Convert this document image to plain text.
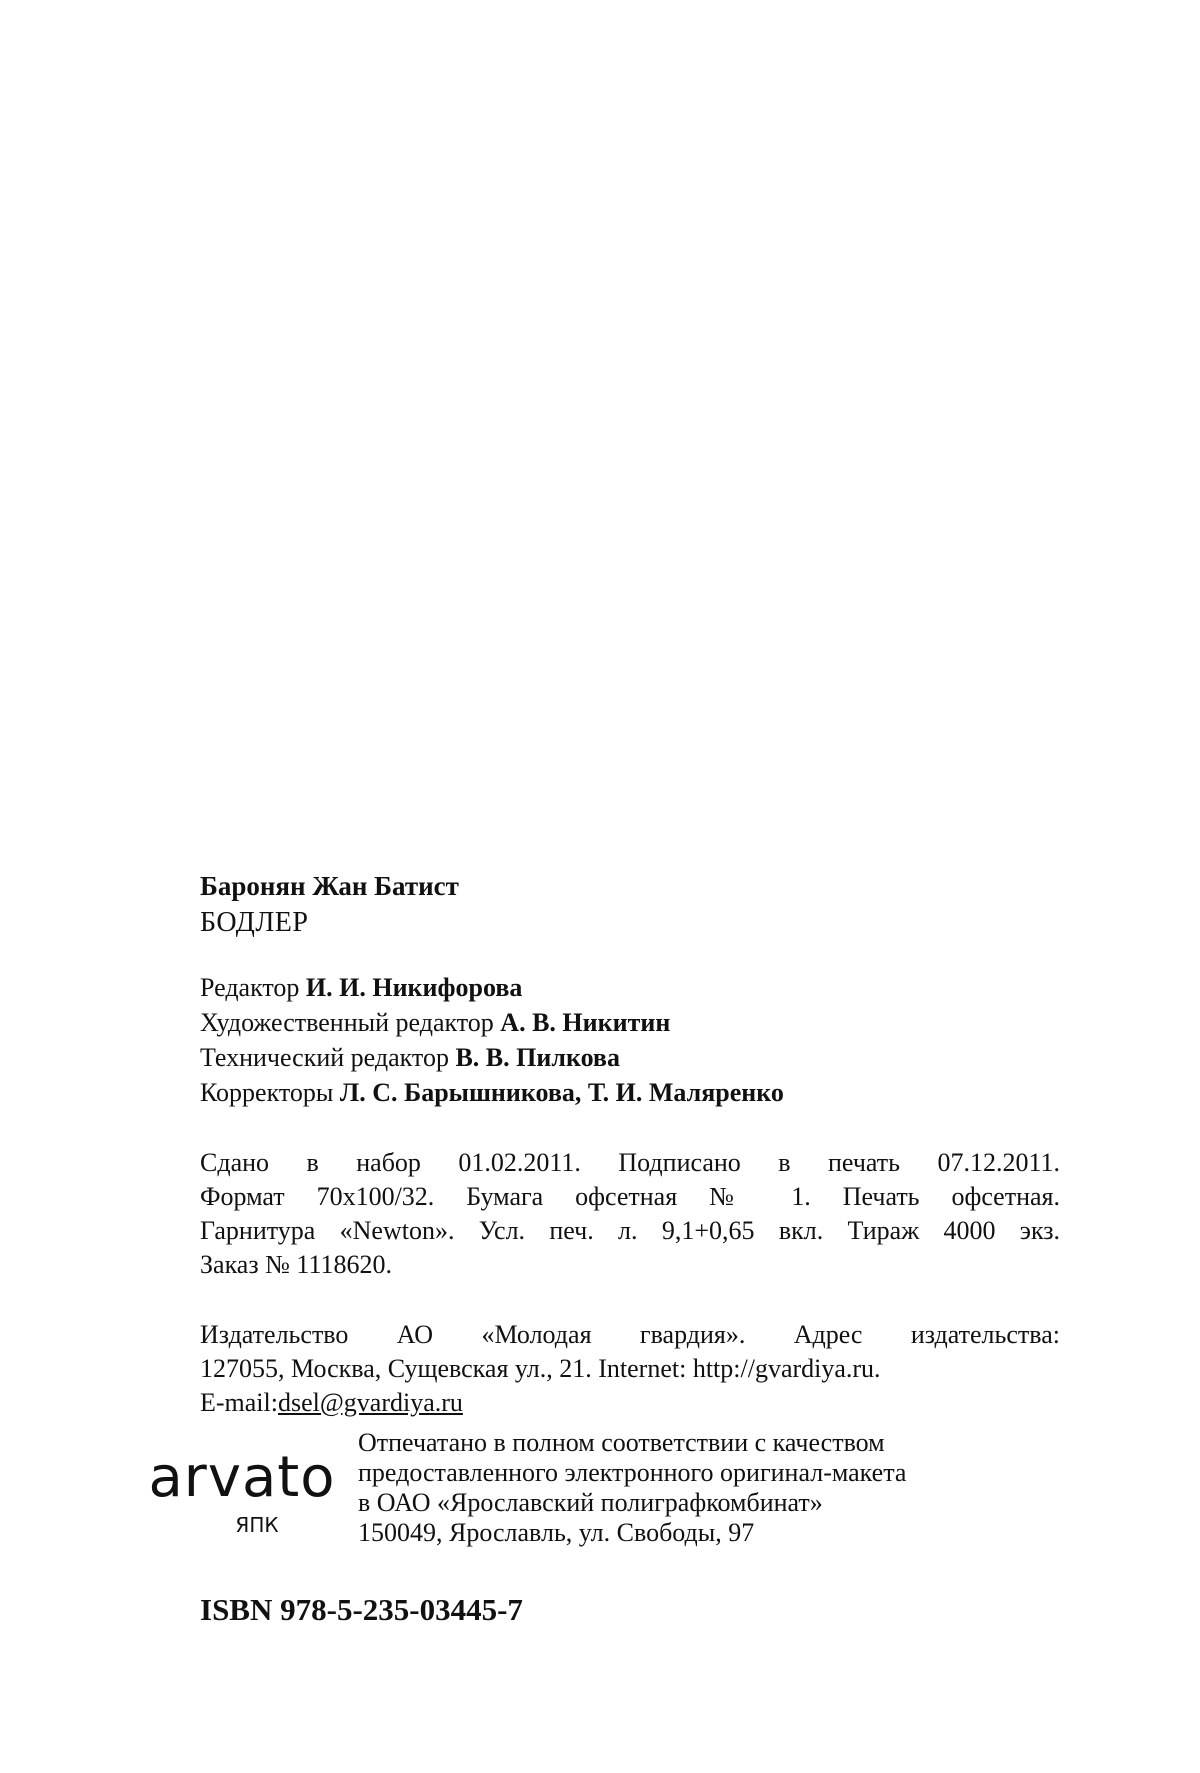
Баронян Жан Батист

БОДЛЕР

Редактор И. И. Никифорова

Художественный редактор А. В. Никитин

Технический редактор В. В. Пилкова

Корректоры Л. С. Барышникова, Т. И. Маляренко

Сдано в набор 01.02.2011. Подписано в печать 07.12.2011.

Формат 70x100/32. Бумага офсетная № 1. Печать офсетная.

Гарнитура «Newton». Усл. печ. л. 9,1+0,65 вкл. Тираж 4000 экз.

Заказ № 1118620.

Издательство АО «Молодая гвардия». Адрес издательства:

127055, Москва, Сущевская ул., 21. Internet: http://gvardiya.ru.

E-mail:dsel@gvardiya.ru

arvato
ЯПК

Отпечатано в полном соответствии с качеством

предоставленного электронного оригинал-макета

в ОАО «Ярославский полиграфкомбинат»

150049, Ярославль, ул. Свободы, 97

ISBN 978-5-235-03445-7
